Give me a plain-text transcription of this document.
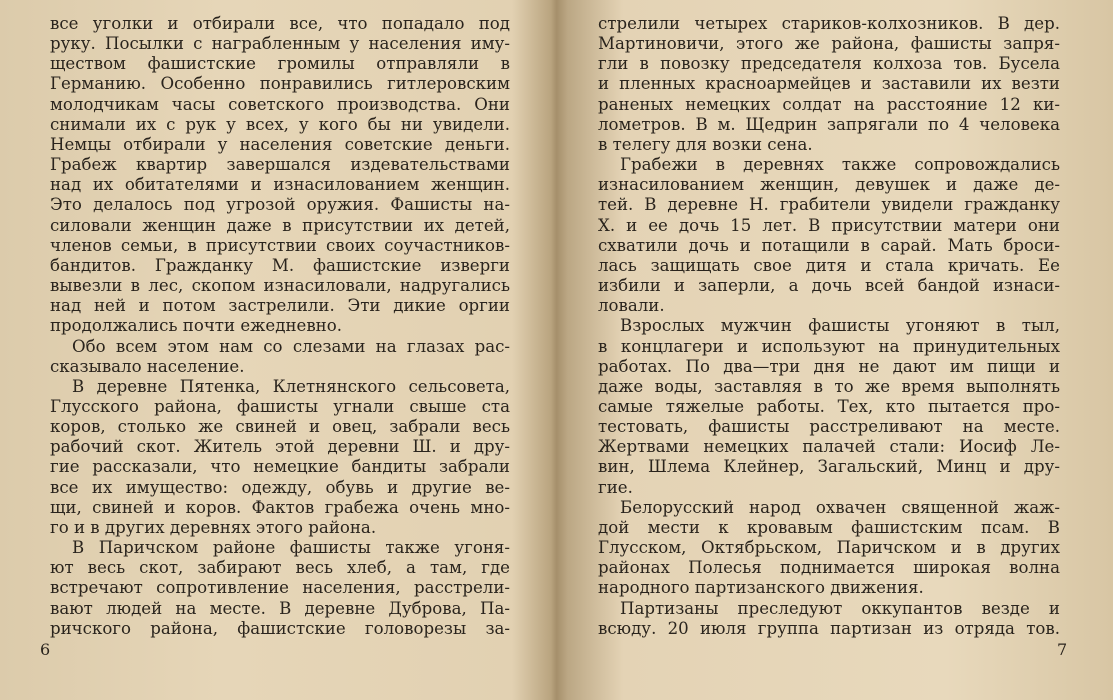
все уголки и отбирали все, что попадало под
руку. Посылки с награбленным у населения иму-
ществом фашистские громилы отправляли в
Германию. Особенно понравились гитлеровским
молодчикам часы советского производства. Они
снимали их с рук у всех, у кого бы ни увидели.
Немцы отбирали у населения советские деньги.
Грабеж квартир завершался издевательствами
над их обитателями и изнасилованием женщин.
Это делалось под угрозой оружия. Фашисты на-
силовали женщин даже в присутствии их детей,
членов семьи, в присутствии своих соучастников-
бандитов. Гражданку М. фашистские изверги
вывезли в лес, скопом изнасиловали, надругались
над ней и потом застрелили. Эти дикие оргии
продолжались почти ежедневно.
Обо всем этом нам со слезами на глазах рас-
сказывало население.
В деревне Пятенка, Клетнянского сельсовета,
Глусского района, фашисты угнали свыше ста
коров, столько же свиней и овец, забрали весь
рабочий скот. Житель этой деревни Ш. и дру-
гие рассказали, что немецкие бандиты забрали
все их имущество: одежду, обувь и другие ве-
щи, свиней и коров. Фактов грабежа очень мно-
го и в других деревнях этого района.
В Паричском районе фашисты также угоня-
ют весь скот, забирают весь хлеб, а там, где
встречают сопротивление населения, расстрели-
вают людей на месте. В деревне Дуброва, Па-
ричского района, фашистские головорезы за-
6
стрелили четырех стариков-колхозников. В дер.
Мартиновичи, этого же района, фашисты запря-
гли в повозку председателя колхоза тов. Бусела
и пленных красноармейцев и заставили их везти
раненых немецких солдат на расстояние 12 ки-
лометров. В м. Щедрин запрягали по 4 человека
в телегу для возки сена.
Грабежи в деревнях также сопровождались
изнасилованием женщин, девушек и даже де-
тей. В деревне Н. грабители увидели гражданку
Х. и ее дочь 15 лет. В присутствии матери они
схватили дочь и потащили в сарай. Мать броси-
лась защищать свое дитя и стала кричать. Ее
избили и заперли, а дочь всей бандой изнаси-
ловали.
Взрослых мужчин фашисты угоняют в тыл,
в концлагери и используют на принудительных
работах. По два—три дня не дают им пищи и
даже воды, заставляя в то же время выполнять
самые тяжелые работы. Тех, кто пытается про-
тестовать, фашисты расстреливают на месте.
Жертвами немецких палачей стали: Иосиф Ле-
вин, Шлема Клейнер, Загальский, Минц и дру-
гие.
Белорусский народ охвачен священной жаж-
дой мести к кровавым фашистским псам. В
Глусском, Октябрьском, Паричском и в других
районах Полесья поднимается широкая волна
народного партизанского движения.
Партизаны преследуют оккупантов везде и
всюду. 20 июля группа партизан из отряда тов.
7
